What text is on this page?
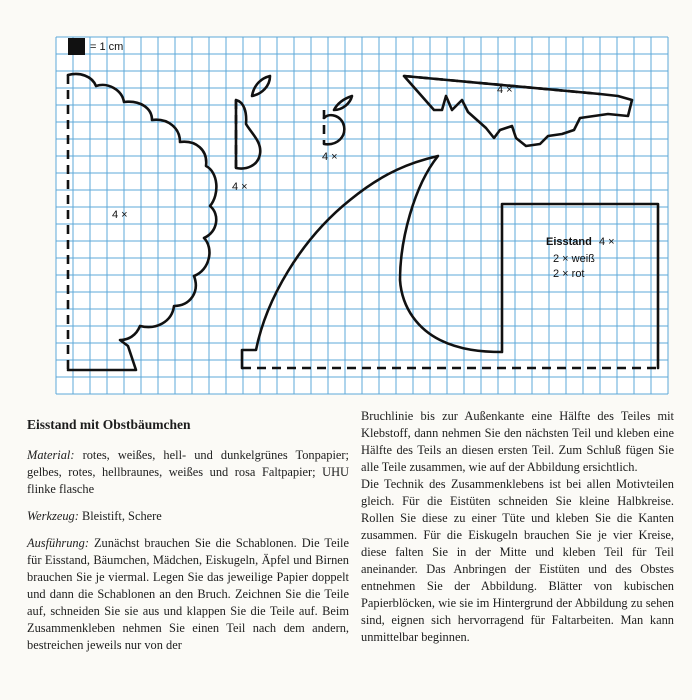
= 1 cm
4 ×
4 ×
4 ×
4 ×
Eisstand 4 ×
2 × weiß
2 × rot
Eisstand mit Obstbäumchen

Material: rotes, weißes, hell- und dunkelgrünes Tonpapier; gelbes, rotes, hellbraunes, weißes und rosa Faltpapier; UHU flinke flasche

Werkzeug: Bleistift, Schere

Ausführung: Zunächst brauchen Sie die Schablonen. Die Teile für Eisstand, Bäumchen, Mädchen, Eiskugeln, Äpfel und Birnen brauchen Sie je viermal. Legen Sie das jeweilige Papier doppelt und dann die Schablonen an den Bruch. Zeichnen Sie die Teile auf, schneiden Sie sie aus und klappen Sie die Teile auf. Beim Zusammenkleben nehmen Sie einen Teil nach dem andern, bestreichen jeweils nur von der

Bruchlinie bis zur Außenkante eine Hälfte des Teiles mit Klebstoff, dann nehmen Sie den nächsten Teil und kleben eine Hälfte des Teils an diesen ersten Teil. Zum Schluß fügen Sie alle Teile zusammen, wie auf der Abbildung ersichtlich.

Die Technik des Zusammenklebens ist bei allen Motivteilen gleich. Für die Eistüten schneiden Sie kleine Halbkreise. Rollen Sie diese zu einer Tüte und kleben Sie die Kanten zusammen. Für die Eiskugeln brauchen Sie je vier Kreise, diese falten Sie in der Mitte und kleben Teil für Teil aneinander. Das Anbringen der Eistüten und des Obstes entnehmen Sie der Abbildung. Blätter von kubischen Papierblöcken, wie sie im Hintergrund der Abbildung zu sehen sind, eignen sich hervorragend für Faltarbeiten. Man kann unmittelbar beginnen.
